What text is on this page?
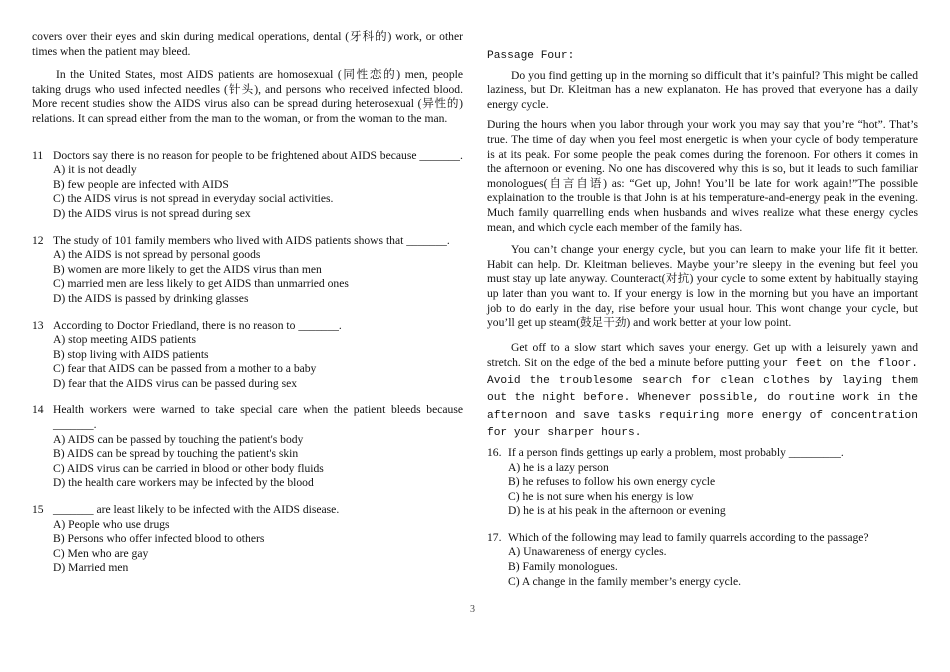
covers over their eyes and skin during medical operations, dental (牙科的) work, or other times when the patient may bleed.

In the United States, most AIDS patients are homosexual (同性恋的) men, people taking drugs who used infected needles (针头), and persons who received infected blood. More recent studies show the AIDS virus also can be spread during heterosexual (异性的) relations. It can spread either from the man to the woman, or from the woman to the man.

11 Doctors say there is no reason for people to be frightened about AIDS because _______.
A) it is not deadly
B) few people are infected with AIDS
C) the AIDS virus is not spread in everyday social activities.
D) the AIDS virus is not spread during sex
12 The study of 101 family members who lived with AIDS patients shows that _______.
A) the AIDS is not spread by personal goods
B) women are more likely to get the AIDS virus than men
C) married men are less likely to get AIDS than unmarried ones
D) the AIDS is passed by drinking glasses
13 According to Doctor Friedland, there is no reason to _______.
A) stop meeting AIDS patients
B) stop living with AIDS patients
C) fear that AIDS can be passed from a mother to a baby
D) fear that the AIDS virus can be passed during sex
14 Health workers were warned to take special care when the patient bleeds because _______.
A) AIDS can be passed by touching the patient's body
B) AIDS can be spread by touching the patient's skin
C) AIDS virus can be carried in blood or other body fluids
D) the health care workers may be infected by the blood
15 _______ are least likely to be infected with the AIDS disease.
A) People who use drugs
B) Persons who offer infected blood to others
C) Men who are gay
D) Married men

Passage Four:

Do you find getting up in the morning so difficult that it’s painful? This might be called laziness, but Dr. Kleitman has a new explanaton. He has proved that everyone has a daily energy cycle.

During the hours when you labor through your work you may say that you’re “hot”. That’s true. The time of day when you feel most energetic is when your cycle of body temperature is at its peak. For some people the peak comes during the forenoon. For others it comes in the afternoon or evening. No one has discovered why this is so, but it leads to such familiar monologues(自言自语) as: “Get up, John! You’ll be late for work again!”The possible explaination to the trouble is that John is at his temperature-and-energy peak in the evening. Much family quarrelling ends when husbands and wives realize what these energy cycles mean, and which cycle each member of the family has.

You can’t change your energy cycle, but you can learn to make your life fit it better. Habit can help. Dr. Kleitman believes. Maybe your’re sleepy in the evening but feel you must stay up late anyway. Counteract(对抗) your cycle to some extent by habitually staying up later than you want to. If your energy is low in the morning but you have an important job to do early in the day, rise before your usual hour. This wont change your cycle, but you’ll get up steam(鼓足干劲) and work better at your low point.

Get off to a slow start which saves your energy. Get up with a leisurely yawn and stretch. Sit on the edge of the bed a minute before putting your feet on the floor. Avoid the troublesome search for clean clothes by laying them out the night before. Whenever possible, do routine work in the afternoon and save tasks requiring more energy of concentration for your sharper hours.

16. If a person finds gettings up early a problem, most probably _________.
A) he is a lazy person
B) he refuses to follow his own energy cycle
C) he is not sure when his energy is low
D) he is at his peak in the afternoon or evening
17. Which of the following may lead to family quarrels according to the passage?
A) Unawareness of energy cycles.
B) Family monologues.
C) A change in the family member’s energy cycle.
3
